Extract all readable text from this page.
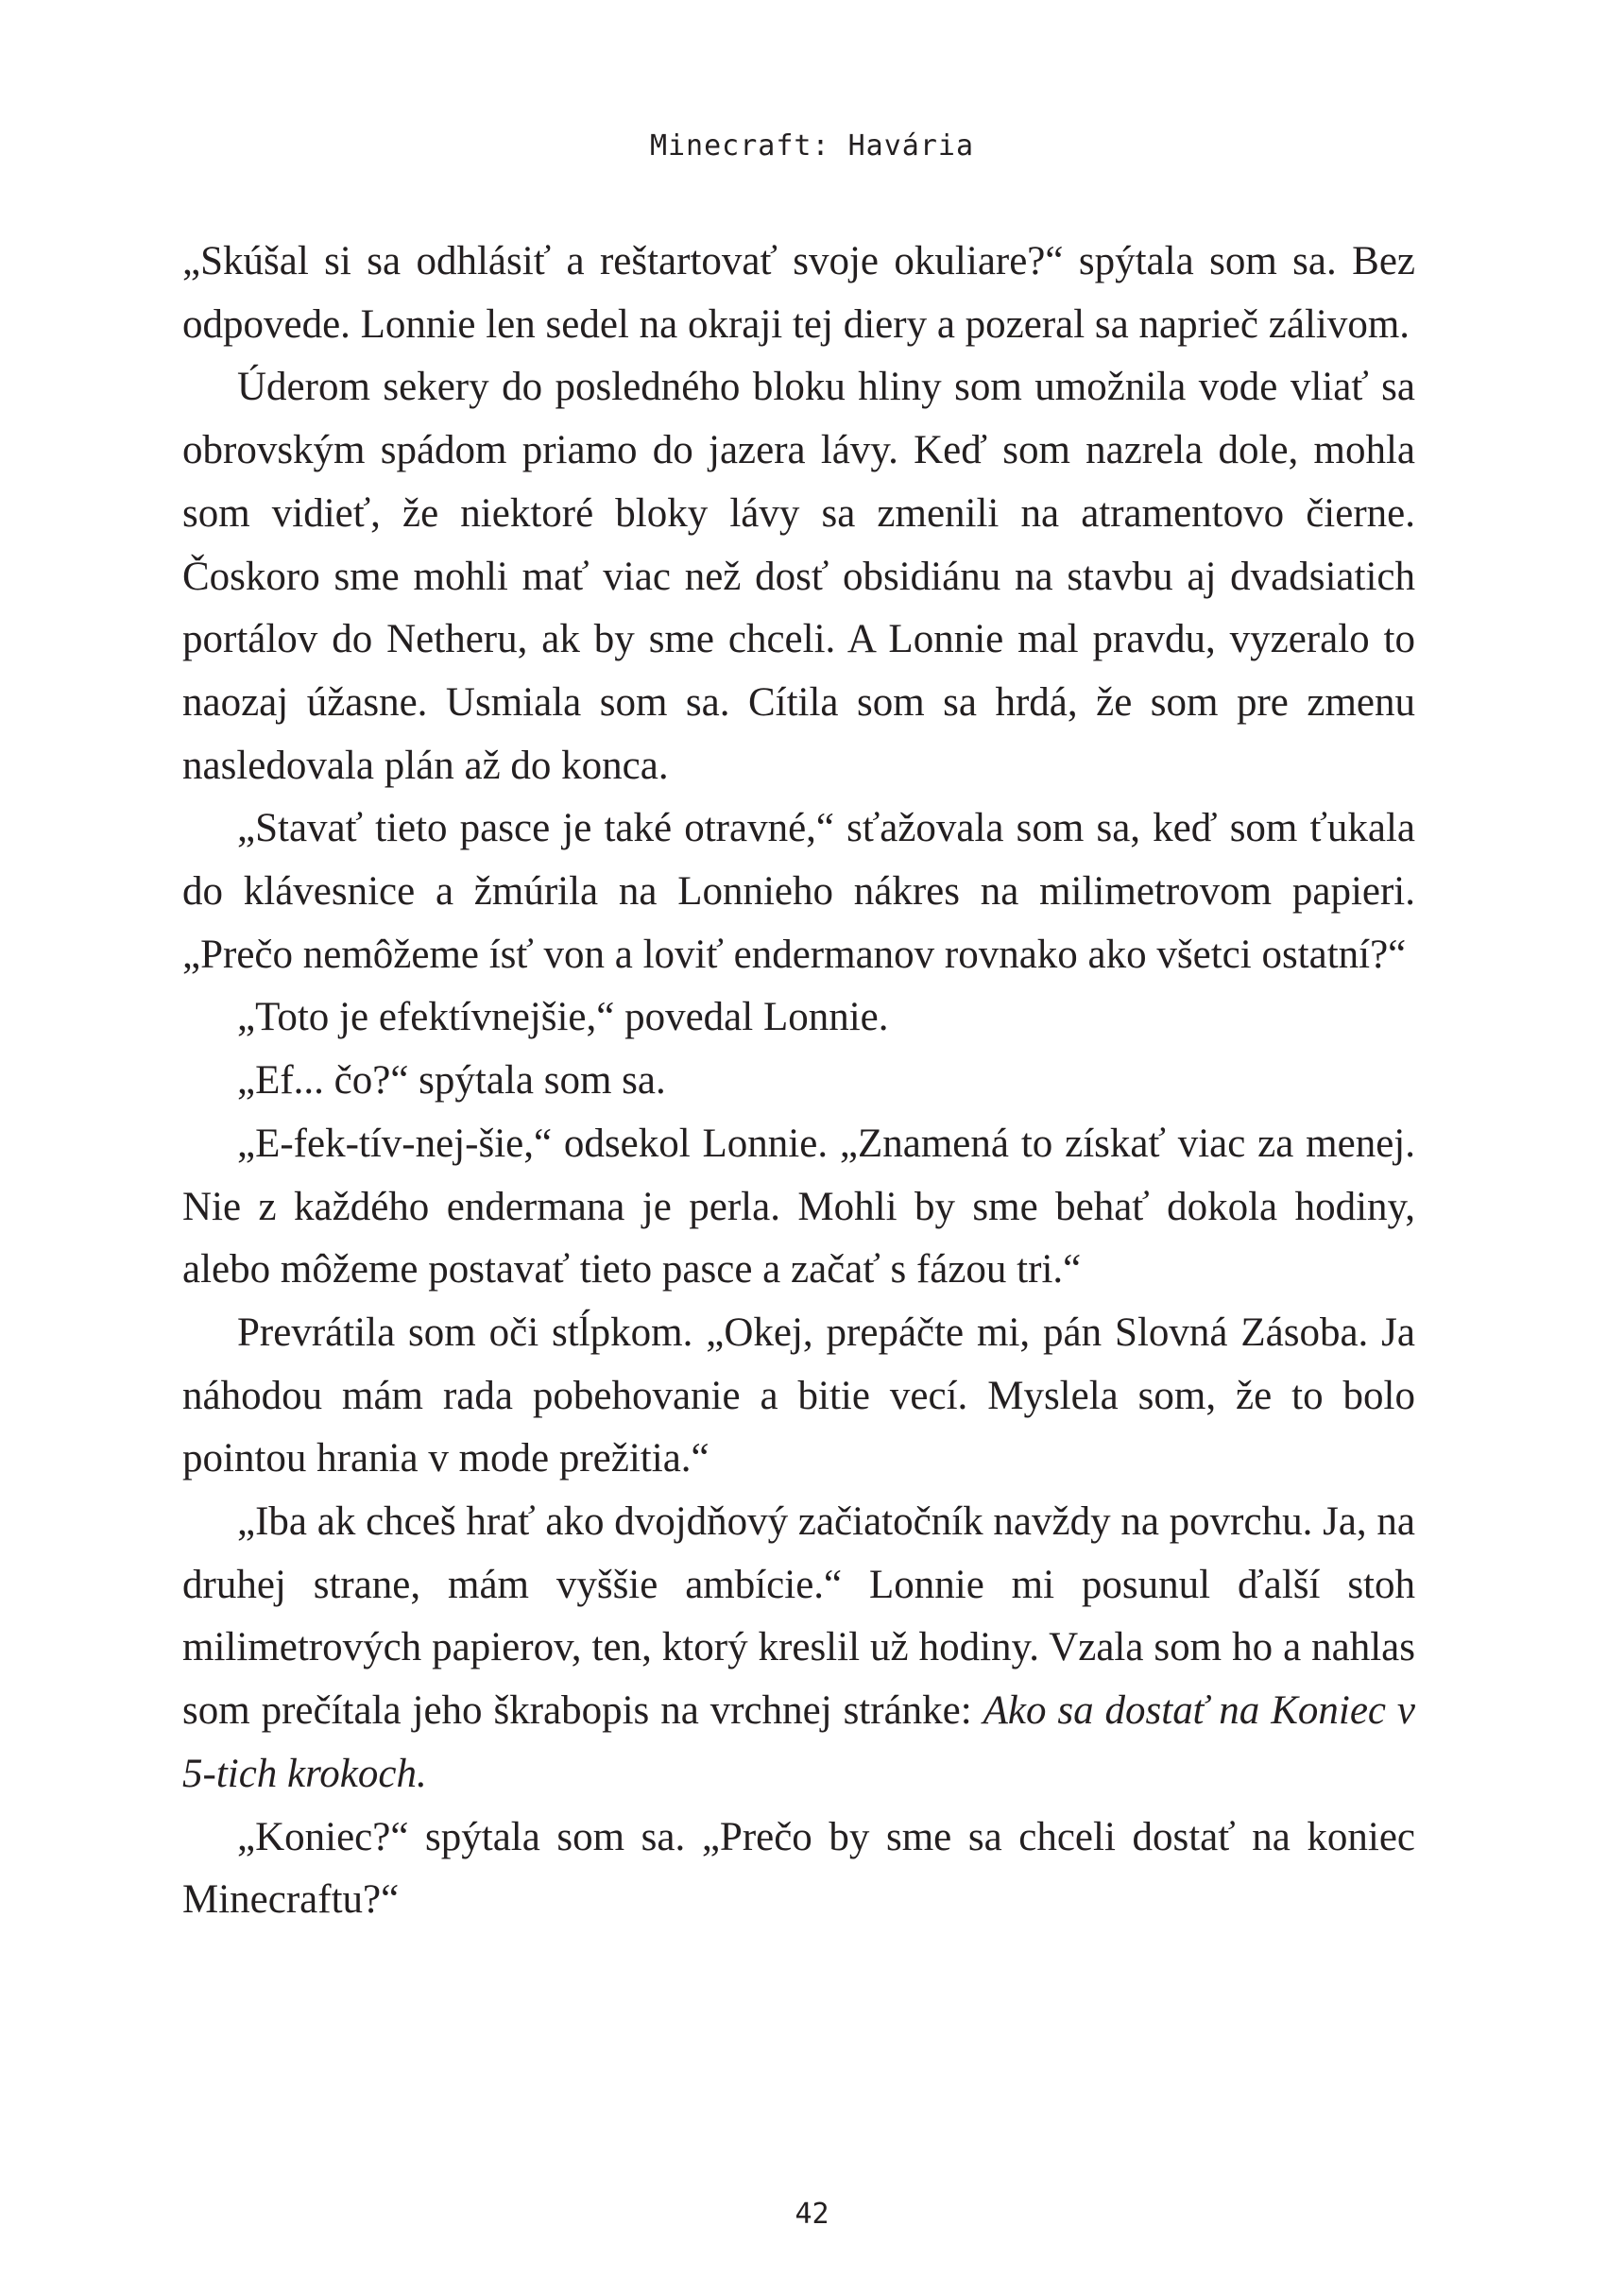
Minecraft: Havária

„Skúšal si sa odhlásiť a reštartovať svoje okuliare?“ spýtala som sa. Bez odpovede. Lonnie len sedel na okraji tej diery a pozeral sa naprieč zálivom.

Úderom sekery do posledného bloku hliny som umožnila vode vliať sa obrovským spádom priamo do jazera lávy. Keď som nazrela dole, mohla som vidieť, že niektoré bloky lávy sa zmenili na atramentovo čierne. Čoskoro sme mohli mať viac než dosť obsidiánu na stavbu aj dvadsiatich portálov do Netheru, ak by sme chceli. A Lonnie mal pravdu, vyzeralo to naozaj úžasne. Usmiala som sa. Cítila som sa hrdá, že som pre zmenu nasledovala plán až do konca.

„Stavať tieto pasce je také otravné,“ sťažovala som sa, keď som ťukala do klávesnice a žmúrila na Lonnieho nákres na milimetrovom papieri. „Prečo nemôžeme ísť von a loviť endermanov rovnako ako všetci ostatní?“

„Toto je efektívnejšie,“ povedal Lonnie.

„Ef... čo?“ spýtala som sa.

„E-fek-tív-nej-šie,“ odsekol Lonnie. „Znamená to získať viac za menej. Nie z každého endermana je perla. Mohli by sme behať dokola hodiny, alebo môžeme postavať tieto pasce a začať s fázou tri.“

Prevrátila som oči stĺpkom. „Okej, prepáčte mi, pán Slovná Zásoba. Ja náhodou mám rada pobehovanie a bitie vecí. Myslela som, že to bolo pointou hrania v mode prežitia.“

„Iba ak chceš hrať ako dvojdňový začiatočník navždy na povrchu. Ja, na druhej strane, mám vyššie ambície.“ Lonnie mi posunul ďalší stoh milimetrových papierov, ten, ktorý kreslil už hodiny. Vzala som ho a nahlas som prečítala jeho škrabopis na vrchnej stránke: Ako sa dostať na Koniec v 5-tich krokoch.

„Koniec?“ spýtala som sa. „Prečo by sme sa chceli dostať na koniec Minecraftu?“

42
